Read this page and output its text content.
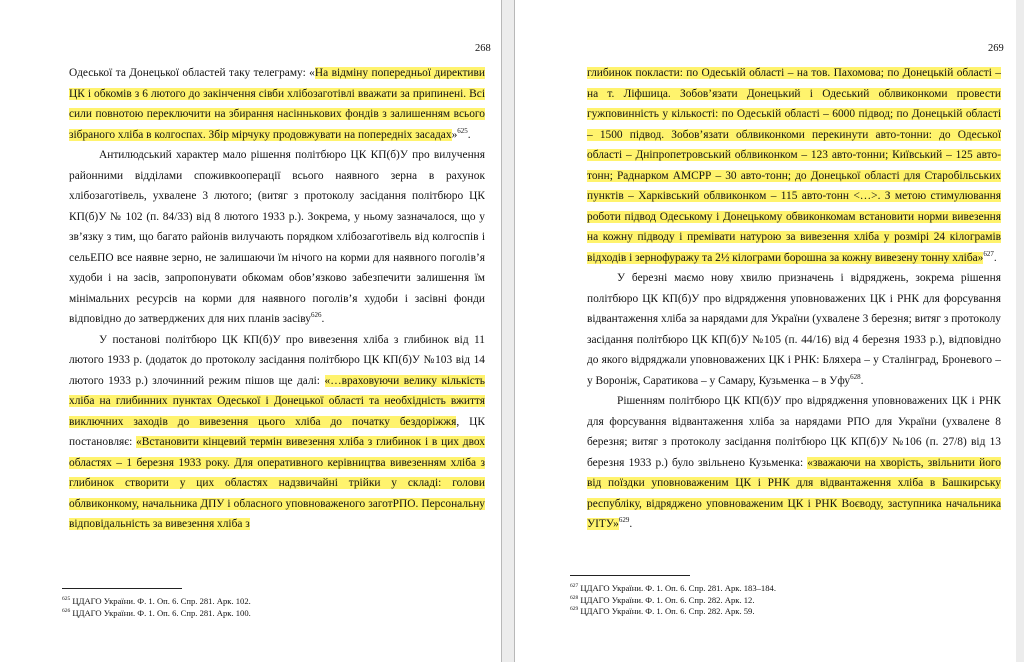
268

Одеської та Донецької областей таку телеграму: «На відміну попередньої директиви ЦК і обкомів з 6 лютого до закінчення сівби хлібозаготівлі вважати за припинені. Всі сили повнотою переключити на збирання насіннькових фондів з залишенням всього зібраного хліба в колгоспах. Збір мірчуку продовжувати на попередніх засадах»$^{625}$.

Антилюдський характер мало рішення політбюро ЦК КП(б)У про вилучення районними відділами споживкооперації всього наявного зерна в рахунок хлібозаготівель, ухвалене 3 лютого; (витяг з протоколу засідання політбюро ЦК КП(б)У № 102 (п. 84/33) від 8 лютого 1933 р.). Зокрема, у ньому зазначалося, що у зв’язку з тим, що багато районів вилучають порядком хлібозаготівель від колгоспів і сельЕПО все наявне зерно, не залишаючи їм нічого на корми для наявного поголів’я худоби і на засів, запропонувати обкомам обов’язково забезпечити залишення їм мінімальних ресурсів на корми для наявного поголів’я худоби і засівні фонди відповідно до затверджених для них планів засіву$^{626}$.

У постанові політбюро ЦК КП(б)У про вивезення хліба з глибинок від 11 лютого 1933 р. (додаток до протоколу засідання політбюро ЦК КП(б)У №103 від 14 лютого 1933 р.) злочинний режим пішов ще далі: «…враховуючи велику кількість хліба на глибинних пунктах Одеської і Донецької області та необхідність вжиття виключних заходів до вивезення цього хліба до початку бездоріжжя, ЦК постановляє: «Встановити кінцевий термін вивезення хліба з глибинок і в цих двох областях – 1 березня 1933 року. Для оперативного керівництва вивезенням хліба з глибинок створити у цих областях надзвичайні трійки у складі: голови облвиконкому, начальника ДПУ і обласного уповноваженого заготРПО. Персональну відповідальність за вивезення хліба з

$^{625}$ ЦДАГО України. Ф. 1. Оп. 6. Спр. 281. Арк. 102.

$^{626}$ ЦДАГО України. Ф. 1. Оп. 6. Спр. 281. Арк. 100.

269

глибинок покласти: по Одеській області – на тов. Пахомова; по Донецькій області – на т. Ліфшица. Зобов’язати Донецький і Одеський облвиконкоми провести гужповинність у кількості: по Одеській області – 6000 підвод; по Донецькій області – 1500 підвод. Зобов’язати облвиконкоми перекинути авто-тонни: до Одеської області – Дніпропетровський облвиконком – 123 авто-тонни; Київський – 125 авто-тонн; Раднарком АМСРР – 30 авто-тонн; до Донецької області для Старобільських пунктів – Харківський облвиконком – 115 авто-тонн <…>. З метою стимулювання роботи підвод Одеському і Донецькому обвиконкомам встановити норми вивезення на кожну підводу і премівати натурою за вивезення хліба у розмірі 24 кілограмів відходів і зернофуражу та 2½ кілограми борошна за кожну вивезену тонну хліба»$^{627}$.

У березні маємо нову хвилю призначень і відряджень, зокрема рішення політбюро ЦК КП(б)У про відрядження уповноважених ЦК і РНК для форсування відвантаження хліба за нарядами для України (ухвалене 3 березня; витяг з протоколу засідання політбюро ЦК КП(б)У №105 (п. 44/16) від 4 березня 1933 р.), відповідно до якого відряджали уповноважених ЦК і РНК: Бляхера – у Сталінград, Броневого – у Вороніж, Саратикова – у Самару, Кузьменка – в Уфу$^{628}$.

Рішенням політбюро ЦК КП(б)У про відрядження уповноважених ЦК і РНК для форсування відвантаження хліба за нарядами РПО для України (ухвалене 8 березня; витяг з протоколу засідання політбюро ЦК КП(б)У №106 (п. 27/8) від 13 березня 1933 р.) було звільнено Кузьменка: «зважаючи на хворість, звільнити його від поїздки уповноваженим ЦК і РНК для відвантаження хліба в Башкирську республіку, відряджено уповноваженим ЦК і РНК Воєводу, заступника начальника УІТУ»$^{629}$.

$^{627}$ ЦДАГО України. Ф. 1. Оп. 6. Спр. 281. Арк. 183–184.

$^{628}$ ЦДАГО України. Ф. 1. Оп. 6. Спр. 282. Арк. 12.

$^{629}$ ЦДАГО України. Ф. 1. Оп. 6. Спр. 282. Арк. 59.
